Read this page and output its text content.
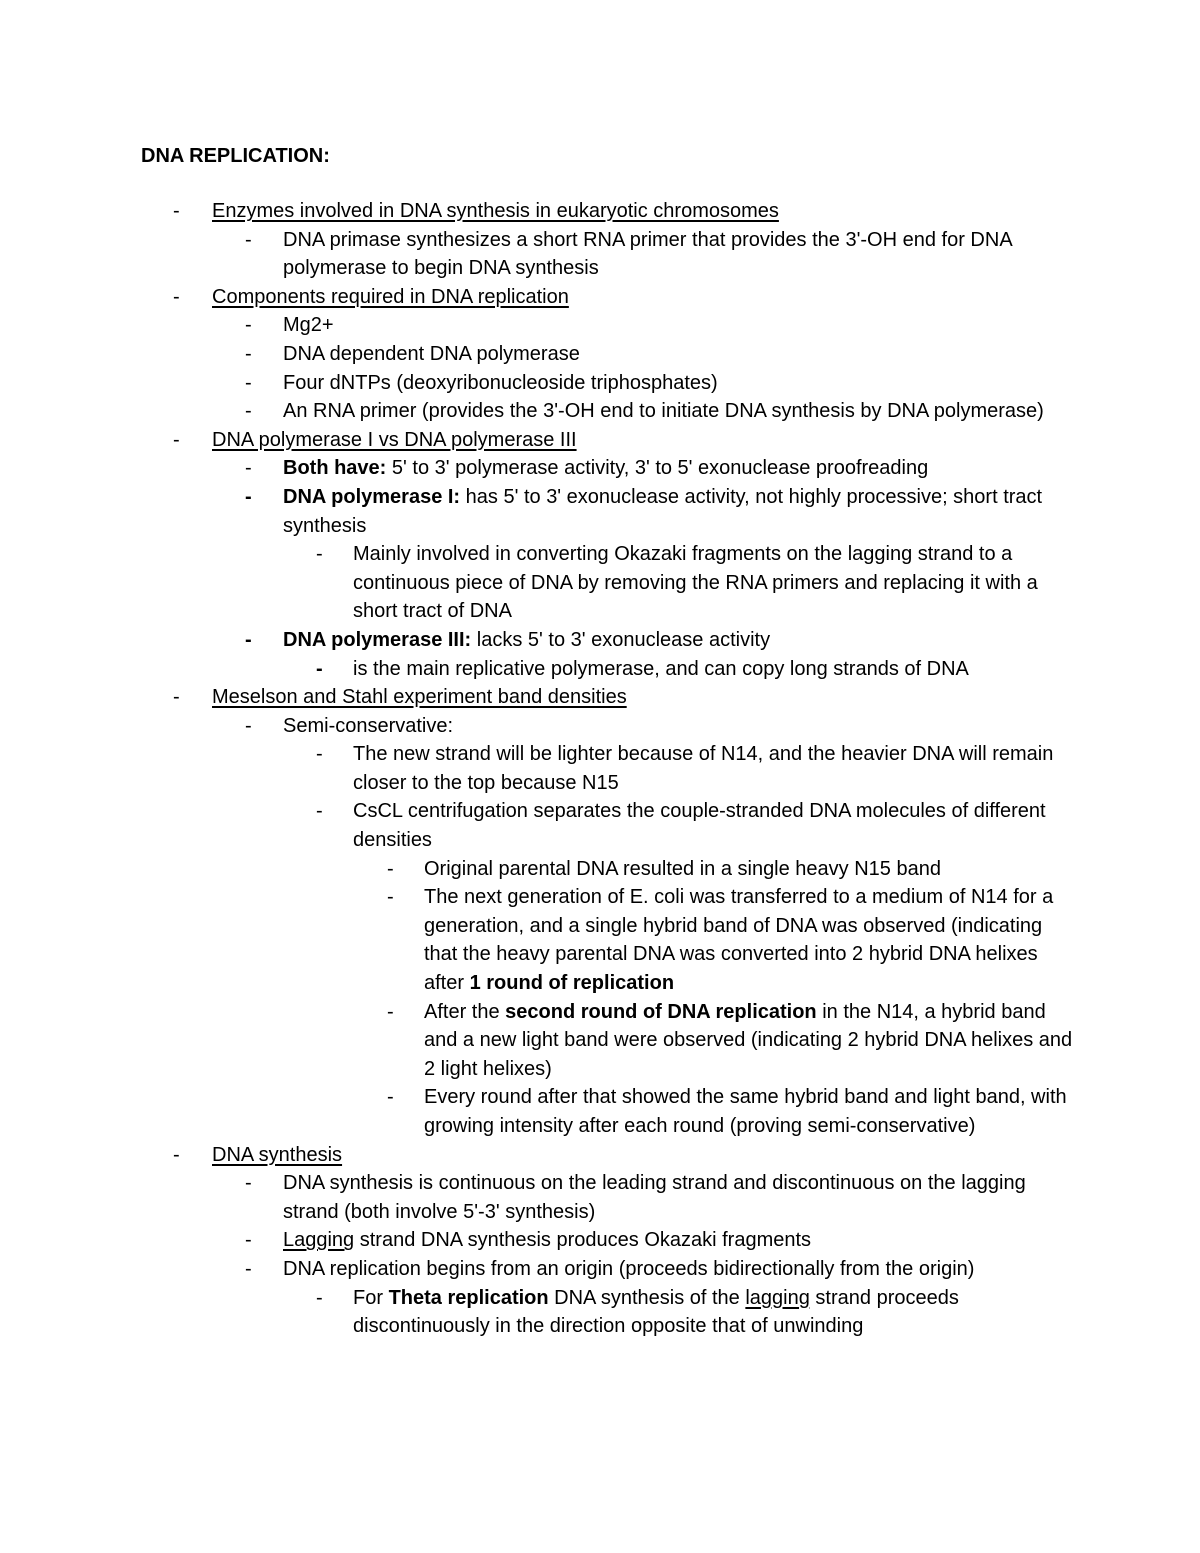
DNA REPLICATION:
- Enzymes involved in DNA synthesis in eukaryotic chromosomes
- DNA primase synthesizes a short RNA primer that provides the 3'-OH end for DNA polymerase to begin DNA synthesis
- Components required in DNA replication
- Mg2+
- DNA dependent DNA polymerase
- Four dNTPs (deoxyribonucleoside triphosphates)
- An RNA primer (provides the 3'-OH end to initiate DNA synthesis by DNA polymerase)
- DNA polymerase I vs DNA polymerase III
- Both have: 5' to 3' polymerase activity, 3' to 5' exonuclease proofreading
- DNA polymerase I: has 5' to 3' exonuclease activity, not highly processive; short tract synthesis
- Mainly involved in converting Okazaki fragments on the lagging strand to a continuous piece of DNA by removing the RNA primers and replacing it with a short tract of DNA
- DNA polymerase III: lacks 5' to 3' exonuclease activity
- is the main replicative polymerase, and can copy long strands of DNA
- Meselson and Stahl experiment band densities
- Semi-conservative:
- The new strand will be lighter because of N14, and the heavier DNA will remain closer to the top because N15
- CsCL centrifugation separates the couple-stranded DNA molecules of different densities
- Original parental DNA resulted in a single heavy N15 band
- The next generation of E. coli was transferred to a medium of N14 for a generation, and a single hybrid band of DNA was observed (indicating that the heavy parental DNA was converted into 2 hybrid DNA helixes after 1 round of replication
- After the second round of DNA replication in the N14, a hybrid band and a new light band were observed (indicating 2 hybrid DNA helixes and 2 light helixes)
- Every round after that showed the same hybrid band and light band, with growing intensity after each round (proving semi-conservative)
- DNA synthesis
- DNA synthesis is continuous on the leading strand and discontinuous on the lagging strand (both involve 5'-3' synthesis)
- Lagging strand DNA synthesis produces Okazaki fragments
- DNA replication begins from an origin (proceeds bidirectionally from the origin)
- For Theta replication DNA synthesis of the lagging strand proceeds discontinuously in the direction opposite that of unwinding
